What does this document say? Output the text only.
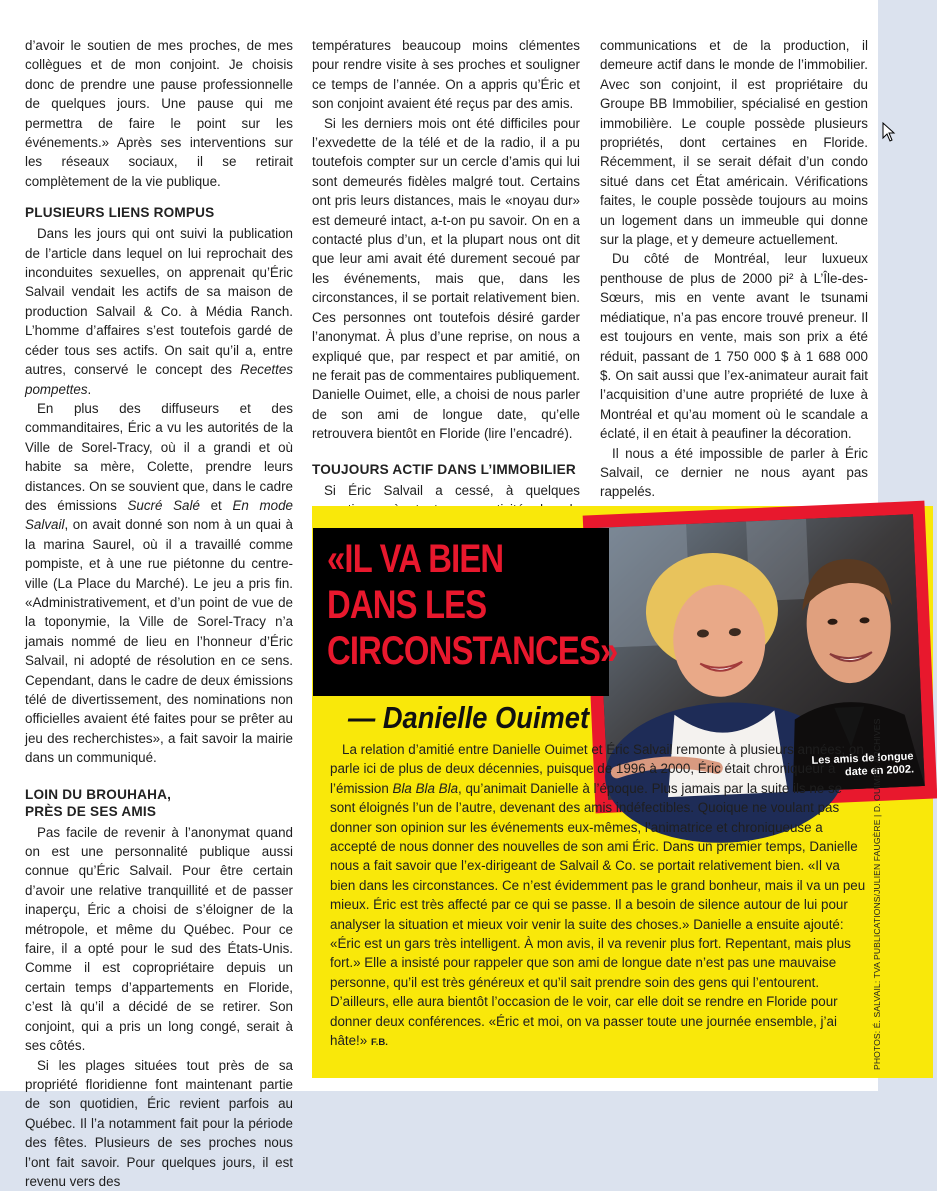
d’avoir le soutien de mes proches, de mes collègues et de mon conjoint. Je choisis donc de prendre une pause professionnelle de quelques jours. Une pause qui me permettra de faire le point sur les événements.» Après ses interventions sur les réseaux sociaux, il se retirait complètement de la vie publique.

PLUSIEURS LIENS ROMPUS

Dans les jours qui ont suivi la publication de l’article dans lequel on lui reprochait des inconduites sexuelles, on apprenait qu’Éric Salvail vendait les actifs de sa maison de production Salvail & Co. à Média Ranch. L’homme d’affaires s’est toutefois gardé de céder tous ses actifs. On sait qu’il a, entre autres, conservé le concept des Recettes pompettes.

En plus des diffuseurs et des commanditaires, Éric a vu les autorités de la Ville de Sorel-Tracy, où il a grandi et où habite sa mère, Colette, prendre leurs distances. On se souvient que, dans le cadre des émissions Sucré Salé et En mode Salvail, on avait donné son nom à un quai à la marina Saurel, où il a travaillé comme pompiste, et à une rue piétonne du centre-ville (La Place du Marché). Le jeu a pris fin. «Administrativement, et d’un point de vue de la toponymie, la Ville de Sorel-Tracy n’a jamais nommé de lieu en l’honneur d’Éric Salvail, ni adopté de résolution en ce sens. Cependant, dans le cadre de deux émissions télé de divertissement, des nominations non officielles avaient été faites pour se prêter au jeu des recherchistes», a fait savoir la mairie dans un communiqué.

LOIN DU BROUHAHA,
PRÈS DE SES AMIS

Pas facile de revenir à l’anonymat quand on est une personnalité publique aussi connue qu’Éric Salvail. Pour être certain d’avoir une relative tranquillité et de passer inaperçu, Éric a choisi de s’éloigner de la métropole, et même du Québec. Pour ce faire, il a opté pour le sud des États-Unis. Comme il est copropriétaire depuis un certain temps d’appartements en Floride, c’est là qu’il a décidé de se retirer. Son conjoint, qui a pris un long congé, serait à ses côtés.

Si les plages situées tout près de sa propriété floridienne font maintenant partie de son quotidien, Éric revient parfois au Québec. Il l’a notamment fait pour la période des fêtes. Plusieurs de ses proches nous l’ont fait savoir. Pour quelques jours, il est revenu vers des

températures beaucoup moins clémentes pour rendre visite à ses proches et souligner ce temps de l’année. On a appris qu’Éric et son conjoint avaient été reçus par des amis.

Si les derniers mois ont été difficiles pour l’exvedette de la télé et de la radio, il a pu toutefois compter sur un cercle d’amis qui lui sont demeurés fidèles malgré tout. Certains ont pris leurs distances, mais le «noyau dur» est demeuré intact, a-t-on pu savoir. On en a contacté plus d’un, et la plupart nous ont dit que leur ami avait été durement secoué par les événements, mais que, dans les circonstances, il se portait relativement bien. Ces personnes ont toutefois désiré garder l’anonymat. À plus d’une reprise, on nous a expliqué que, par respect et par amitié, on ne ferait pas de commentaires publiquement. Danielle Ouimet, elle, a choisi de nous parler de son ami de longue date, qu’elle retrouvera bientôt en Floride (lire l’encadré).

TOUJOURS ACTIF DANS L’IMMOBILIER

Si Éric Salvail a cessé, à quelques

communications et de la production, il demeure actif dans le monde de l’immobilier. Avec son conjoint, il est propriétaire du Groupe BB Immobilier, spécialisé en gestion immobilière. Le couple possède plusieurs propriétés, dont certaines en Floride. Récemment, il se serait défait d’un condo situé dans cet État américain. Vérifications faites, le couple possède toujours au moins un logement dans un immeuble qui donne sur la plage, et y demeure actuellement.

Du côté de Montréal, leur luxueux penthouse de plus de 2000 pi² à L’Île-des-Sœurs, mis en vente avant le tsunami médiatique, n’a pas encore trouvé preneur. Il est toujours en vente, mais son prix a été réduit, passant de 1 750 000 $ à 1 688 000 $. On sait aussi que l’ex-animateur aurait fait l’acquisition d’une autre propriété de luxe à Montréal et qu’au moment où le scandale a éclaté, il en était à peaufiner la décoration.

Il nous a été impossible de parler à Éric Salvail, ce dernier ne nous ayant pas rappelés.

Les amis de longue
date en 2002.
«IL VA BIEN
DANS LES
CIRCONSTANCES»
— Danielle Ouimet

La relation d’amitié entre Danielle Ouimet et Éric Salvail remonte à plusieurs années; on parle ici de plus de deux décennies, puisque de 1996 à 2000, Éric était chroniqueur à l’émission Bla Bla Bla, qu’animait Danielle à l’époque. Plus jamais par la suite ils ne se sont éloignés l’un de l’autre, devenant des amis indéfectibles. Quoique ne voulant pas donner son opinion sur les événements eux-mêmes, l’animatrice et chroniqueuse a accepté de nous donner des nouvelles de son ami Éric. Dans un premier temps, Danielle nous a fait savoir que l’ex-dirigeant de Salvail & Co. se portait relativement bien. «Il va bien dans les circonstances. Ce n’est évidemment pas le grand bonheur, mais il va un peu mieux. Éric est très affecté par ce qui se passe. Il a besoin de silence autour de lui pour analyser la situation et mieux voir venir la suite des choses.» Danielle a ensuite ajouté: «Éric est un gars très intelligent. À mon avis, il va revenir plus fort. Repentant, mais plus fort.» Elle a insisté pour rappeler que son ami de longue date n’est pas une mauvaise personne, qu’il est très généreux et qu’il sait prendre soin des gens qui l’entourent. D’ailleurs, elle aura bientôt l’occasion de le voir, car elle doit se rendre en Floride pour donner deux conférences. «Éric et moi, on va passer toute une journée ensemble, j’ai hâte!» F.B.	PHOTOS: É. SALVAIL: TVA PUBLICATIONS/JULIEN FAUGÈRE | D. OUIMET: ARCHIVES
